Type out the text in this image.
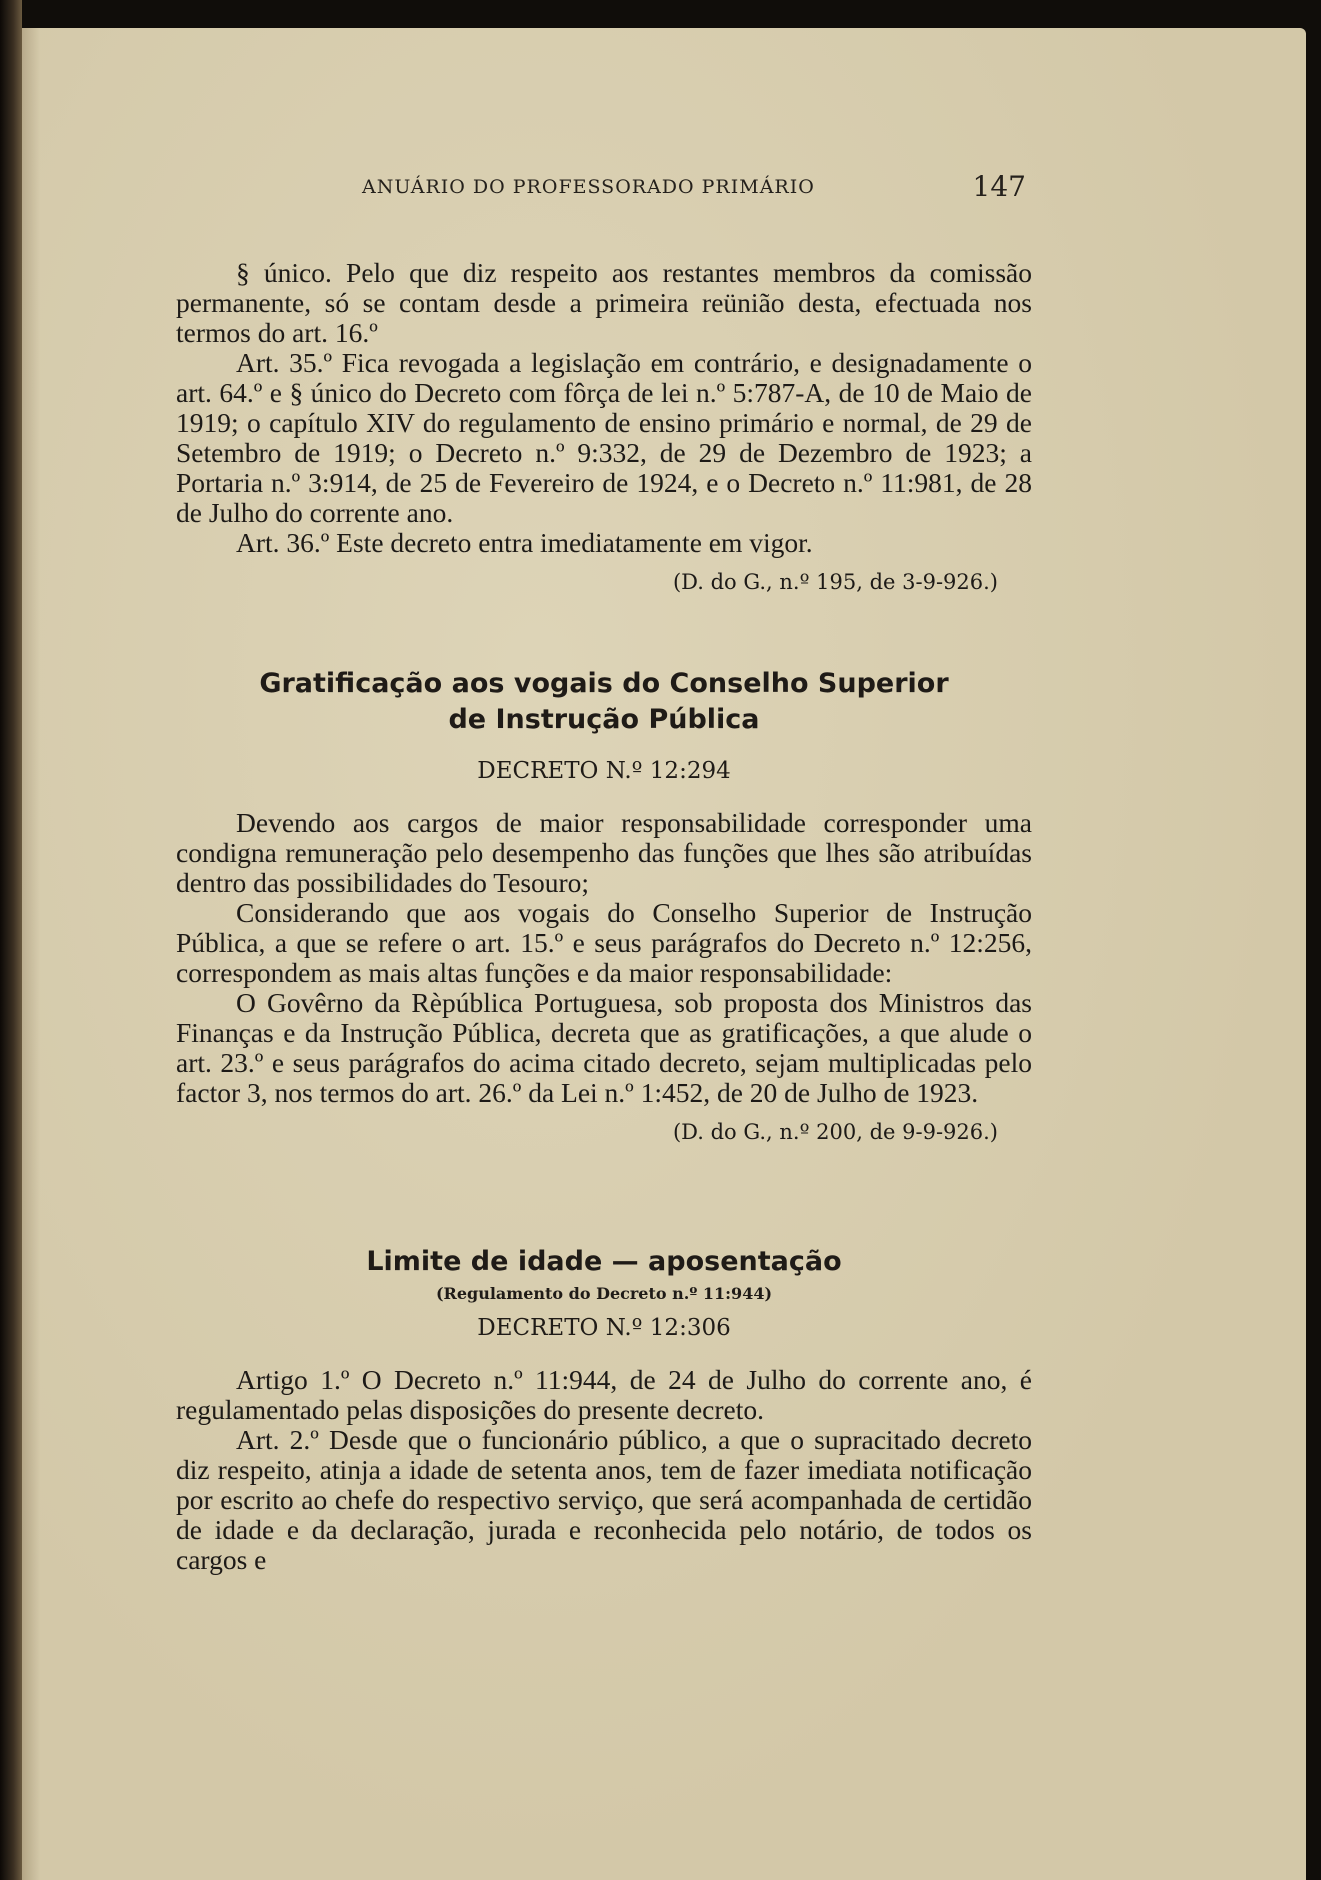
ANUÁRIO DO PROFESSORADO PRIMÁRIO	147

§ único. Pelo que diz respeito aos restantes membros da comissão permanente, só se contam desde a primeira reünião desta, efectuada nos termos do art. 16.º

Art. 35.º Fica revogada a legislação em contrário, e designadamente o art. 64.º e § único do Decreto com fôrça de lei n.º 5:787-A, de 10 de Maio de 1919; o capítulo XIV do regulamento de ensino primário e normal, de 29 de Setembro de 1919; o Decreto n.º 9:332, de 29 de Dezembro de 1923; a Portaria n.º 3:914, de 25 de Fevereiro de 1924, e o Decreto n.º 11:981, de 28 de Julho do corrente ano.

Art. 36.º Este decreto entra imediatamente em vigor.

(D. do G., n.º 195, de 3-9-926.)
Gratificação aos vogais do Conselho Superior
de Instrução Pública
DECRETO N.º 12:294

Devendo aos cargos de maior responsabilidade corresponder uma condigna remuneração pelo desempenho das funções que lhes são atribuídas dentro das possibilidades do Tesouro;

Considerando que aos vogais do Conselho Superior de Instrução Pública, a que se refere o art. 15.º e seus parágrafos do Decreto n.º 12:256, correspondem as mais altas funções e da maior responsabilidade:

O Govêrno da Rèpública Portuguesa, sob proposta dos Ministros das Finanças e da Instrução Pública, decreta que as gratificações, a que alude o art. 23.º e seus parágrafos do acima citado decreto, sejam multiplicadas pelo factor 3, nos termos do art. 26.º da Lei n.º 1:452, de 20 de Julho de 1923.

(D. do G., n.º 200, de 9-9-926.)
Limite de idade — aposentação
(Regulamento do Decreto n.º 11:944)
DECRETO N.º 12:306

Artigo 1.º O Decreto n.º 11:944, de 24 de Julho do corrente ano, é regulamentado pelas disposições do presente decreto.

Art. 2.º Desde que o funcionário público, a que o supracitado decreto diz respeito, atinja a idade de setenta anos, tem de fazer imediata notificação por escrito ao chefe do respectivo serviço, que será acompanhada de certidão de idade e da declaração, jurada e reconhecida pelo notário, de todos os cargos e
